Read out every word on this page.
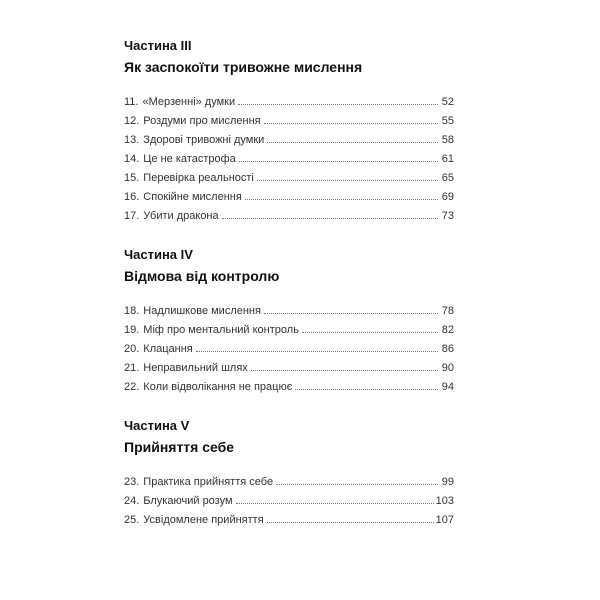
Частина III
Як заспокоїти тривожне мислення
11. «Мерзенні» думки	52
12. Роздуми про мислення	55
13. Здорові тривожні думки	58
14. Це не катастрофа	61
15. Перевірка реальності	65
16. Спокійне мислення	69
17. Убити дракона	73
Частина IV
Відмова від контролю
18. Надлишкове мислення	78
19. Міф про ментальний контроль	82
20. Клацання	86
21. Неправильний шлях	90
22. Коли відволікання не працює	94
Частина V
Прийняття себе
23. Практика прийняття себе	99
24. Блукаючий розум	103
25. Усвідомлене прийняття	107
